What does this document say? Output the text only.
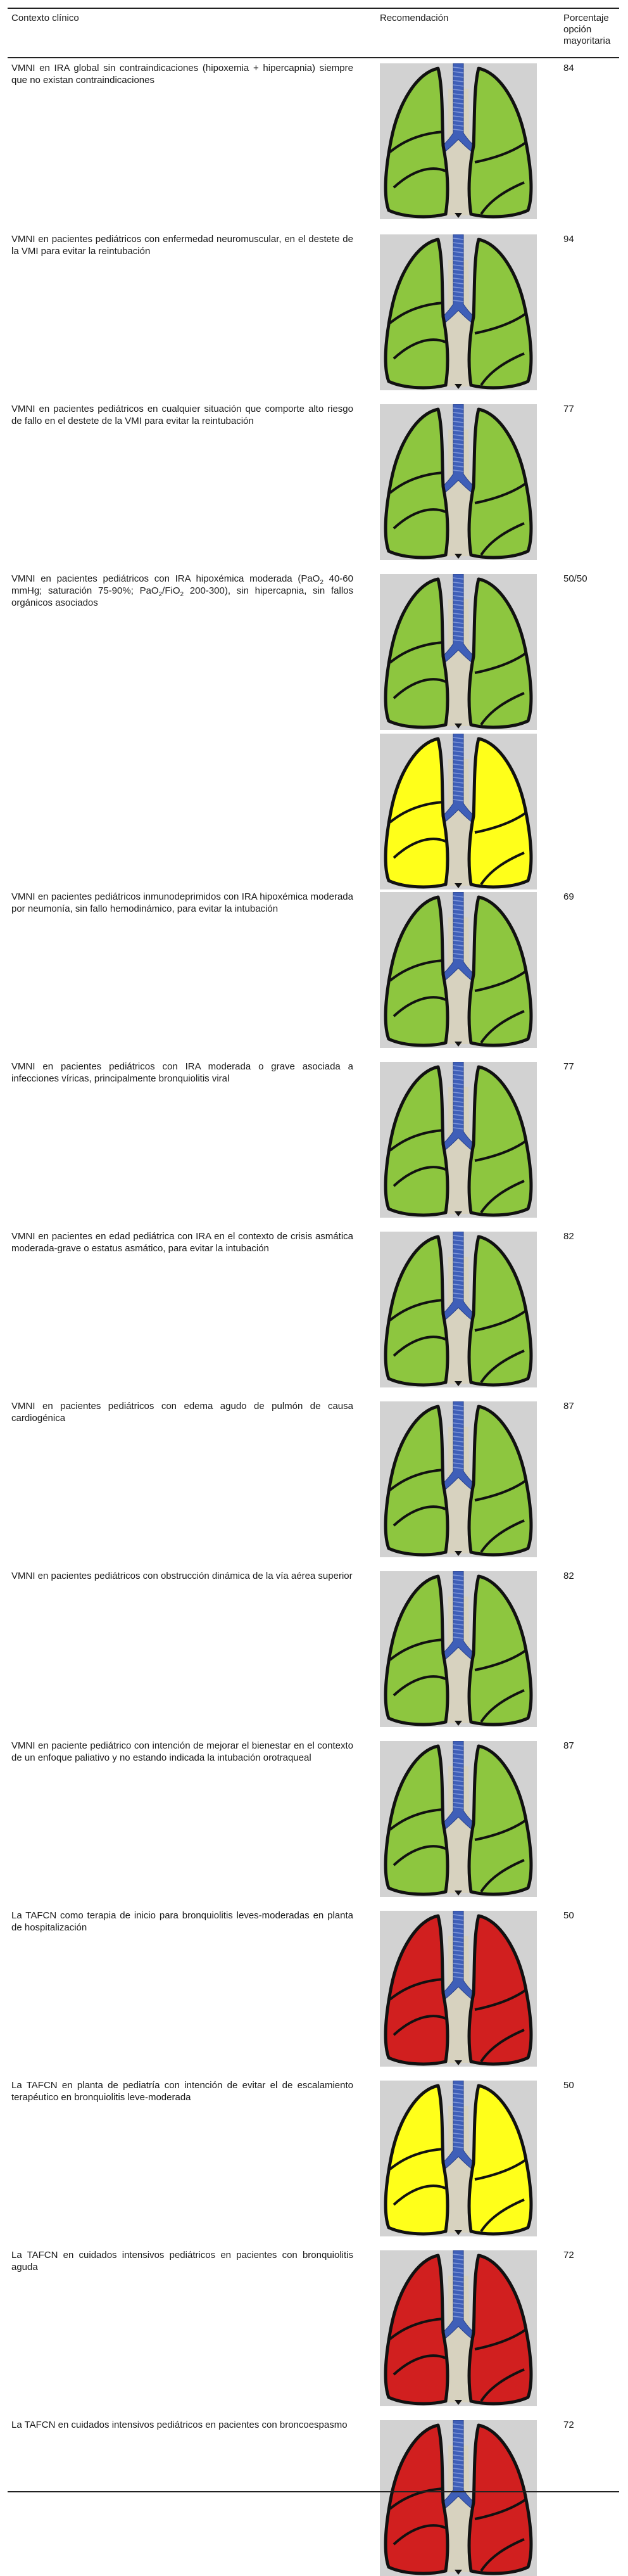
Contexto clínico	Recomendación	Porcentaje opción mayoritaria
VMNI en IRA global sin contraindicaciones (hipoxemia + hipercapnia) siempre que no existan contraindicaciones
84
VMNI en pacientes pediátricos con enfermedad neuromuscular, en el destete de la VMI para evitar la reintubación
94
VMNI en pacientes pediátricos en cualquier situación que comporte alto riesgo de fallo en el destete de la VMI para evitar la reintubación
77
VMNI en pacientes pediátricos con IRA hipoxémica moderada (PaO$_2$ 40-60 mmHg; saturación 75-90%; PaO$_2$/FiO$_2$ 200-300), sin hipercapnia, sin fallos orgánicos asociados
50/50
VMNI en pacientes pediátricos inmunodeprimidos con IRA hipoxémica moderada por neumonía, sin fallo hemodinámico, para evitar la intubación
69
VMNI en pacientes pediátricos con IRA moderada o grave asociada a infecciones víricas, principalmente bronquiolitis viral
77
VMNI en pacientes en edad pediátrica con IRA en el contexto de crisis asmática moderada-grave o estatus asmático, para evitar la intubación
82
VMNI en pacientes pediátricos con edema agudo de pulmón de causa cardiogénica
87
VMNI en pacientes pediátricos con obstrucción dinámica de la vía aérea superior	82
VMNI en paciente pediátrico con intención de mejorar el bienestar en el contexto de un enfoque paliativo y no estando indicada la intubación orotraqueal
87
La TAFCN como terapia de inicio para bronquiolitis leves-moderadas en planta de hospitalización
50
La TAFCN en planta de pediatría con intención de evitar el de escalamiento terapéutico en bronquiolitis leve-moderada
50
La TAFCN en cuidados intensivos pediátricos en pacientes con bronquiolitis aguda
72
La TAFCN en cuidados intensivos pediátricos en pacientes con broncoespasmo	72
